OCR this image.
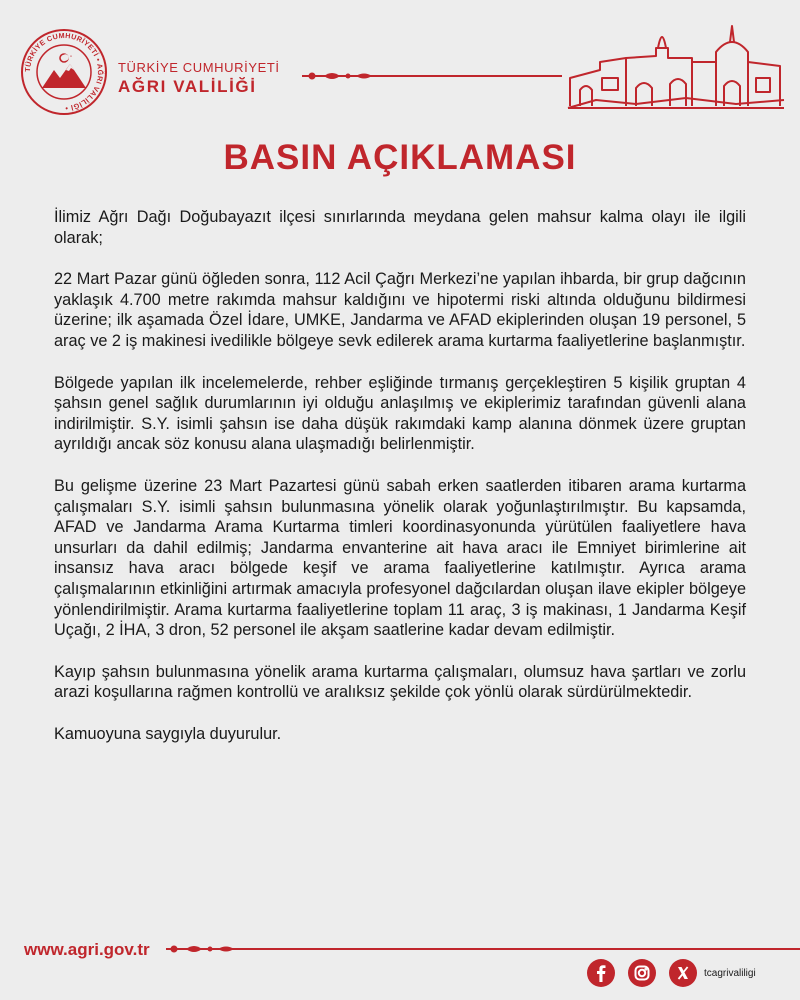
TÜRKİYE CUMHURİYETİ • AĞRI VALİLİĞİ •
TÜRKİYE CUMHURİYETİ
AĞRI VALİLİĞİ
BASIN AÇIKLAMASI

İlimiz Ağrı Dağı Doğubayazıt ilçesi sınırlarında meydana gelen mahsur kalma olayı ile ilgili olarak;

22 Mart Pazar günü öğleden sonra, 112 Acil Çağrı Merkezi’ne yapılan ihbarda, bir grup dağcının yaklaşık 4.700 metre rakımda mahsur kaldığını ve hipotermi riski altında olduğunu bildirmesi üzerine; ilk aşamada Özel İdare, UMKE, Jandarma ve AFAD ekiplerinden oluşan 19 personel, 5 araç ve 2 iş makinesi ivedilikle bölgeye sevk edilerek arama kurtarma faaliyetlerine başlanmıştır.

Bölgede yapılan ilk incelemelerde, rehber eşliğinde tırmanış gerçekleştiren 5 kişilik gruptan 4 şahsın genel sağlık durumlarının iyi olduğu anlaşılmış ve ekiplerimiz tarafından güvenli alana indirilmiştir. S.Y. isimli şahsın ise daha düşük rakımdaki kamp alanına dönmek üzere gruptan ayrıldığı ancak söz konusu alana ulaşmadığı belirlenmiştir.

Bu gelişme üzerine 23 Mart Pazartesi günü sabah erken saatlerden itibaren arama kurtarma çalışmaları S.Y. isimli şahsın bulunmasına yönelik olarak yoğunlaştırılmıştır. Bu kapsamda, AFAD ve Jandarma Arama Kurtarma timleri koordinasyonunda yürütülen faaliyetlere hava unsurları da dahil edilmiş; Jandarma envanterine ait hava aracı ile Emniyet birimlerine ait insansız hava aracı bölgede keşif ve arama faaliyetlerine katılmıştır. Ayrıca arama çalışmalarının etkinliğini artırmak amacıyla profesyonel dağcılardan oluşan ilave ekipler bölgeye yönlendirilmiştir. Arama kurtarma faaliyetlerine toplam 11 araç, 3 iş makinası, 1 Jandarma Keşif Uçağı, 2 İHA, 3 dron, 52 personel ile akşam saatlerine kadar devam edilmiştir.

Kayıp şahsın bulunmasına yönelik arama kurtarma çalışmaları, olumsuz hava şartları ve zorlu arazi koşullarına rağmen kontrollü ve aralıksız şekilde çok yönlü olarak sürdürülmektedir.

Kamuoyuna saygıyla duyurulur.

www.agri.gov.tr
tcagrivaliligi
